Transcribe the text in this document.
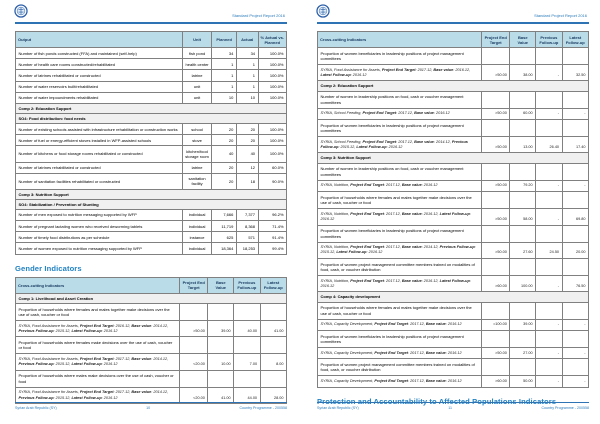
Standard Project Report 2016
Output	Unit	Planned	Actual	% Actual vs. Planned
Number of fish ponds constructed (FFA) and maintained (self-help)	fish pond	34	34	100.0%
Number of health care rooms constructed/rehabilitated	health center	1	1	100.0%
Number of latrines rehabilitated or constructed	latrine	1	1	100.0%
Number of water reservoirs built/rehabilitated	unit	1	1	100.0%
Number of water impoundments rehabilitated	unit	10	10	100.0%
Comp 2: Education Support				
SO4: Food distribution: food needs				
Number of existing schools assisted with infrastructure rehabilitation or construction works	school	20	20	100.0%
Number of fuel or energy-efficient stoves installed in WFP-assisted schools	stove	20	20	100.0%
Number of kitchens or food storage rooms rehabilitated or constructed	kitchen/food storage room	40	40	100.0%
Number of latrines rehabilitated or constructed	latrine	20	12	60.0%
Number of sanitation facilities rehabilitated or constructed	sanitation facility	20	18	90.0%
Comp 3: Nutrition Support				
SO4: Stabilization / Prevention of Stunting				
Number of men exposed to nutrition messaging supported by WFP	individual	7,666	7,377	96.2%
Number of pregnant lactating women who received deworming tablets	individual	11,719	8,368	71.4%
Number of timely food distributions as per schedule	instance	625	571	91.4%
Number of women exposed to nutrition messaging supported by WFP	individual	18,364	18,253	99.4%
Gender Indicators
Cross-cutting Indicators	Project End Target	Base Value	Previous Follow-up	Latest Follow-up
Comp 1: Livelihood and Asset Creation				
Proportion of households where females and males together make decisions over the use of cash, voucher or food				
SYRIA, Food Assistance for Assets, Project End Target: 2016.12, Base value: 2014.12, Previous Follow-up: 2015.12, Latest Follow-up: 2016.12	>50.00	39.00	40.00	41.00
Proportion of households where females make decisions over the use of cash, voucher or food				
SYRIA, Food Assistance for Assets, Project End Target: 2017.12, Base value: 2014.12, Previous Follow-up: 2015.12, Latest Follow-up: 2016.12	<20.00	10.00	7.00	8.00
Proportion of households where males make decisions over the use of cash, voucher or food				
SYRIA, Food Assistance for Assets, Project End Target: 2017.12, Base value: 2014.12, Previous Follow-up: 2015.12, Latest Follow-up: 2016.12	<20.00	41.00	44.00	28.00
Syrian Arab Republic (SY)	10	Country Programme - 200558
Standard Project Report 2016
Cross-cutting Indicators	Project End Target	Base Value	Previous Follow-up	Latest Follow-up
Proportion of women beneficiaries in leadership positions of project management committees				
SYRIA, Food Assistance for Assets, Project End Target: 2017.12, Base value: 2016.12, Latest Follow-up: 2016.12	>50.00	38.00	-	32.50
Comp 2: Education Support				
Number of women in leadership positions on food, cash or voucher management committees				
SYRIA, School Feeding, Project End Target: 2017.12, Base value: 2016.12	>50.00	60.00	-	-
Proportion of women beneficiaries in leadership positions of project management committees				
SYRIA, School Feeding, Project End Target: 2017.12, Base value: 2014.12, Previous Follow-up: 2015.12, Latest Follow-up: 2016.12	>50.00	13.00	26.40	17.40
Comp 3: Nutrition Support				
Number of women in leadership positions on food, cash or voucher management committees				
SYRIA, Nutrition, Project End Target: 2017.12, Base value: 2016.12	>50.00	79.20	-	-
Proportion of households where females and males together make decisions over the use of cash, voucher or food				
SYRIA, Nutrition, Project End Target: 2017.12, Base value: 2016.12, Latest Follow-up: 2016.12	>50.00	58.00	-	69.80
Proportion of women beneficiaries in leadership positions of project management committees				
SYRIA, Nutrition, Project End Target: 2017.12, Base value: 2014.12, Previous Follow-up: 2015.12, Latest Follow-up: 2016.12	>50.00	27.60	24.50	20.00
Proportion of women project management committee members trained on modalities of food, cash, or voucher distribution				
SYRIA, Nutrition, Project End Target: 2017.12, Base value: 2016.12, Latest Follow-up: 2016.12	>60.00	100.00	-	76.50
Comp 4: Capacity development				
Proportion of households where females and males together make decisions over the use of cash, voucher or food				
SYRIA, Capacity Development, Project End Target: 2017.12, Base value: 2016.12	=100.00	39.00	-	-
Proportion of women beneficiaries in leadership positions of project management committees				
SYRIA, Capacity Development, Project End Target: 2017.12, Base value: 2016.12	>50.00	27.00	-	-
Proportion of women project management committee members trained on modalities of food, cash, or voucher distribution				
SYRIA, Capacity Development, Project End Target: 2017.12, Base value: 2016.12	>60.00	50.00	-	-
Syrian Arab Republic (SY)	11	Country Programme - 200558
